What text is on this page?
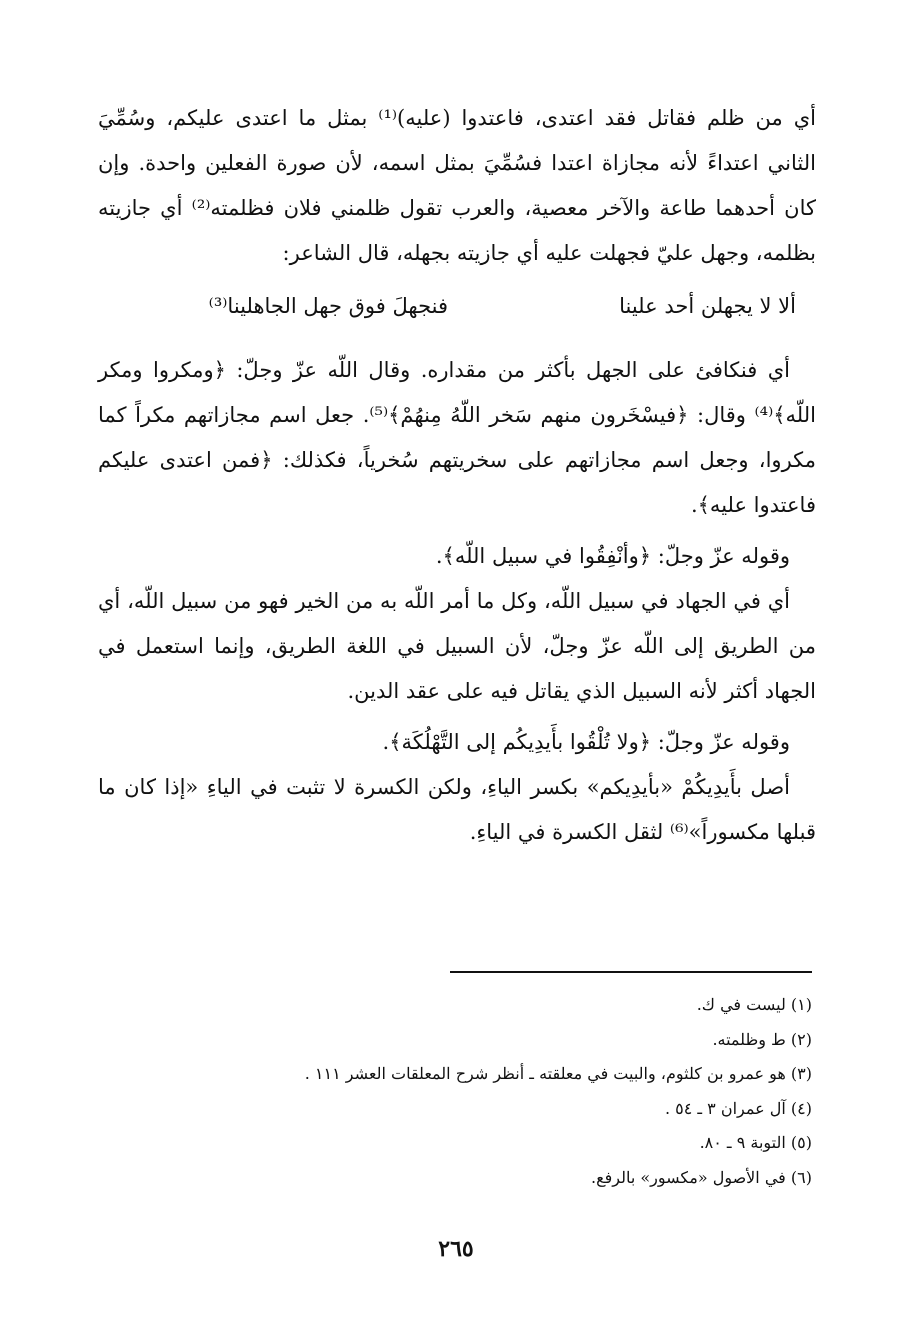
أي من ظلم فقاتل فقد اعتدى، فاعتدوا (عليه)⁽¹⁾ بمثل ما اعتدى عليكم، وسُمِّيَ الثاني اعتداءً لأنه مجازاة اعتدا فسُمِّيَ بمثل اسمه، لأن صورة الفعلين واحدة. وإن كان أحدهما طاعة والآخر معصية، والعرب تقول ظلمني فلان فظلمته⁽²⁾ أي جازيته بظلمه، وجهل عليّ فجهلت عليه أي جازيته بجهله، قال الشاعر:

ألا لا يجهلن أحد علينا
فنجهلَ فوق جهل الجاهلينا⁽³⁾

أي فنكافئ على الجهل بأكثر من مقداره. وقال اللّه عزّ وجلّ: ﴿ومكروا ومكر اللّه﴾⁽⁴⁾ وقال: ﴿فيسْخَرون منهم سَخر اللّهُ مِنهُمْ﴾⁽⁵⁾. جعل اسم مجازاتهم مكراً كما مكروا، وجعل اسم مجازاتهم على سخريتهم سُخرياً، فكذلك: ﴿فمن اعتدى عليكم فاعتدوا عليه﴾.

وقوله عزّ وجلّ: ﴿وأنْفِقُوا في سبيل اللّه﴾.

أي في الجهاد في سبيل اللّه، وكل ما أمر اللّه به من الخير فهو من سبيل اللّه، أي من الطريق إلى اللّه عزّ وجلّ، لأن السبيل في اللغة الطريق، وإنما استعمل في الجهاد أكثر لأنه السبيل الذي يقاتل فيه على عقد الدين.

وقوله عزّ وجلّ: ﴿ولا تُلْقُوا بأَيدِيكُم إلى التَّهْلُكَة﴾.

أصل بأَيدِيكُمْ «بأيدِيكم» بكسر الياءِ، ولكن الكسرة لا تثبت في الياءِ «إذا كان ما قبلها مكسوراً»⁽⁶⁾ لثقل الكسرة في الياءِ.

(١) ليست في ك.

(٢) ط وظلمته.

(٣) هو عمرو بن كلثوم، والبيت في معلقته ـ أنظر شرح المعلقات العشر ١١١ .

(٤) آل عمران ٣ ـ ٥٤ .

(٥) التوبة ٩ ـ ٨٠.

(٦) في الأصول «مكسور» بالرفع.

٢٦٥
